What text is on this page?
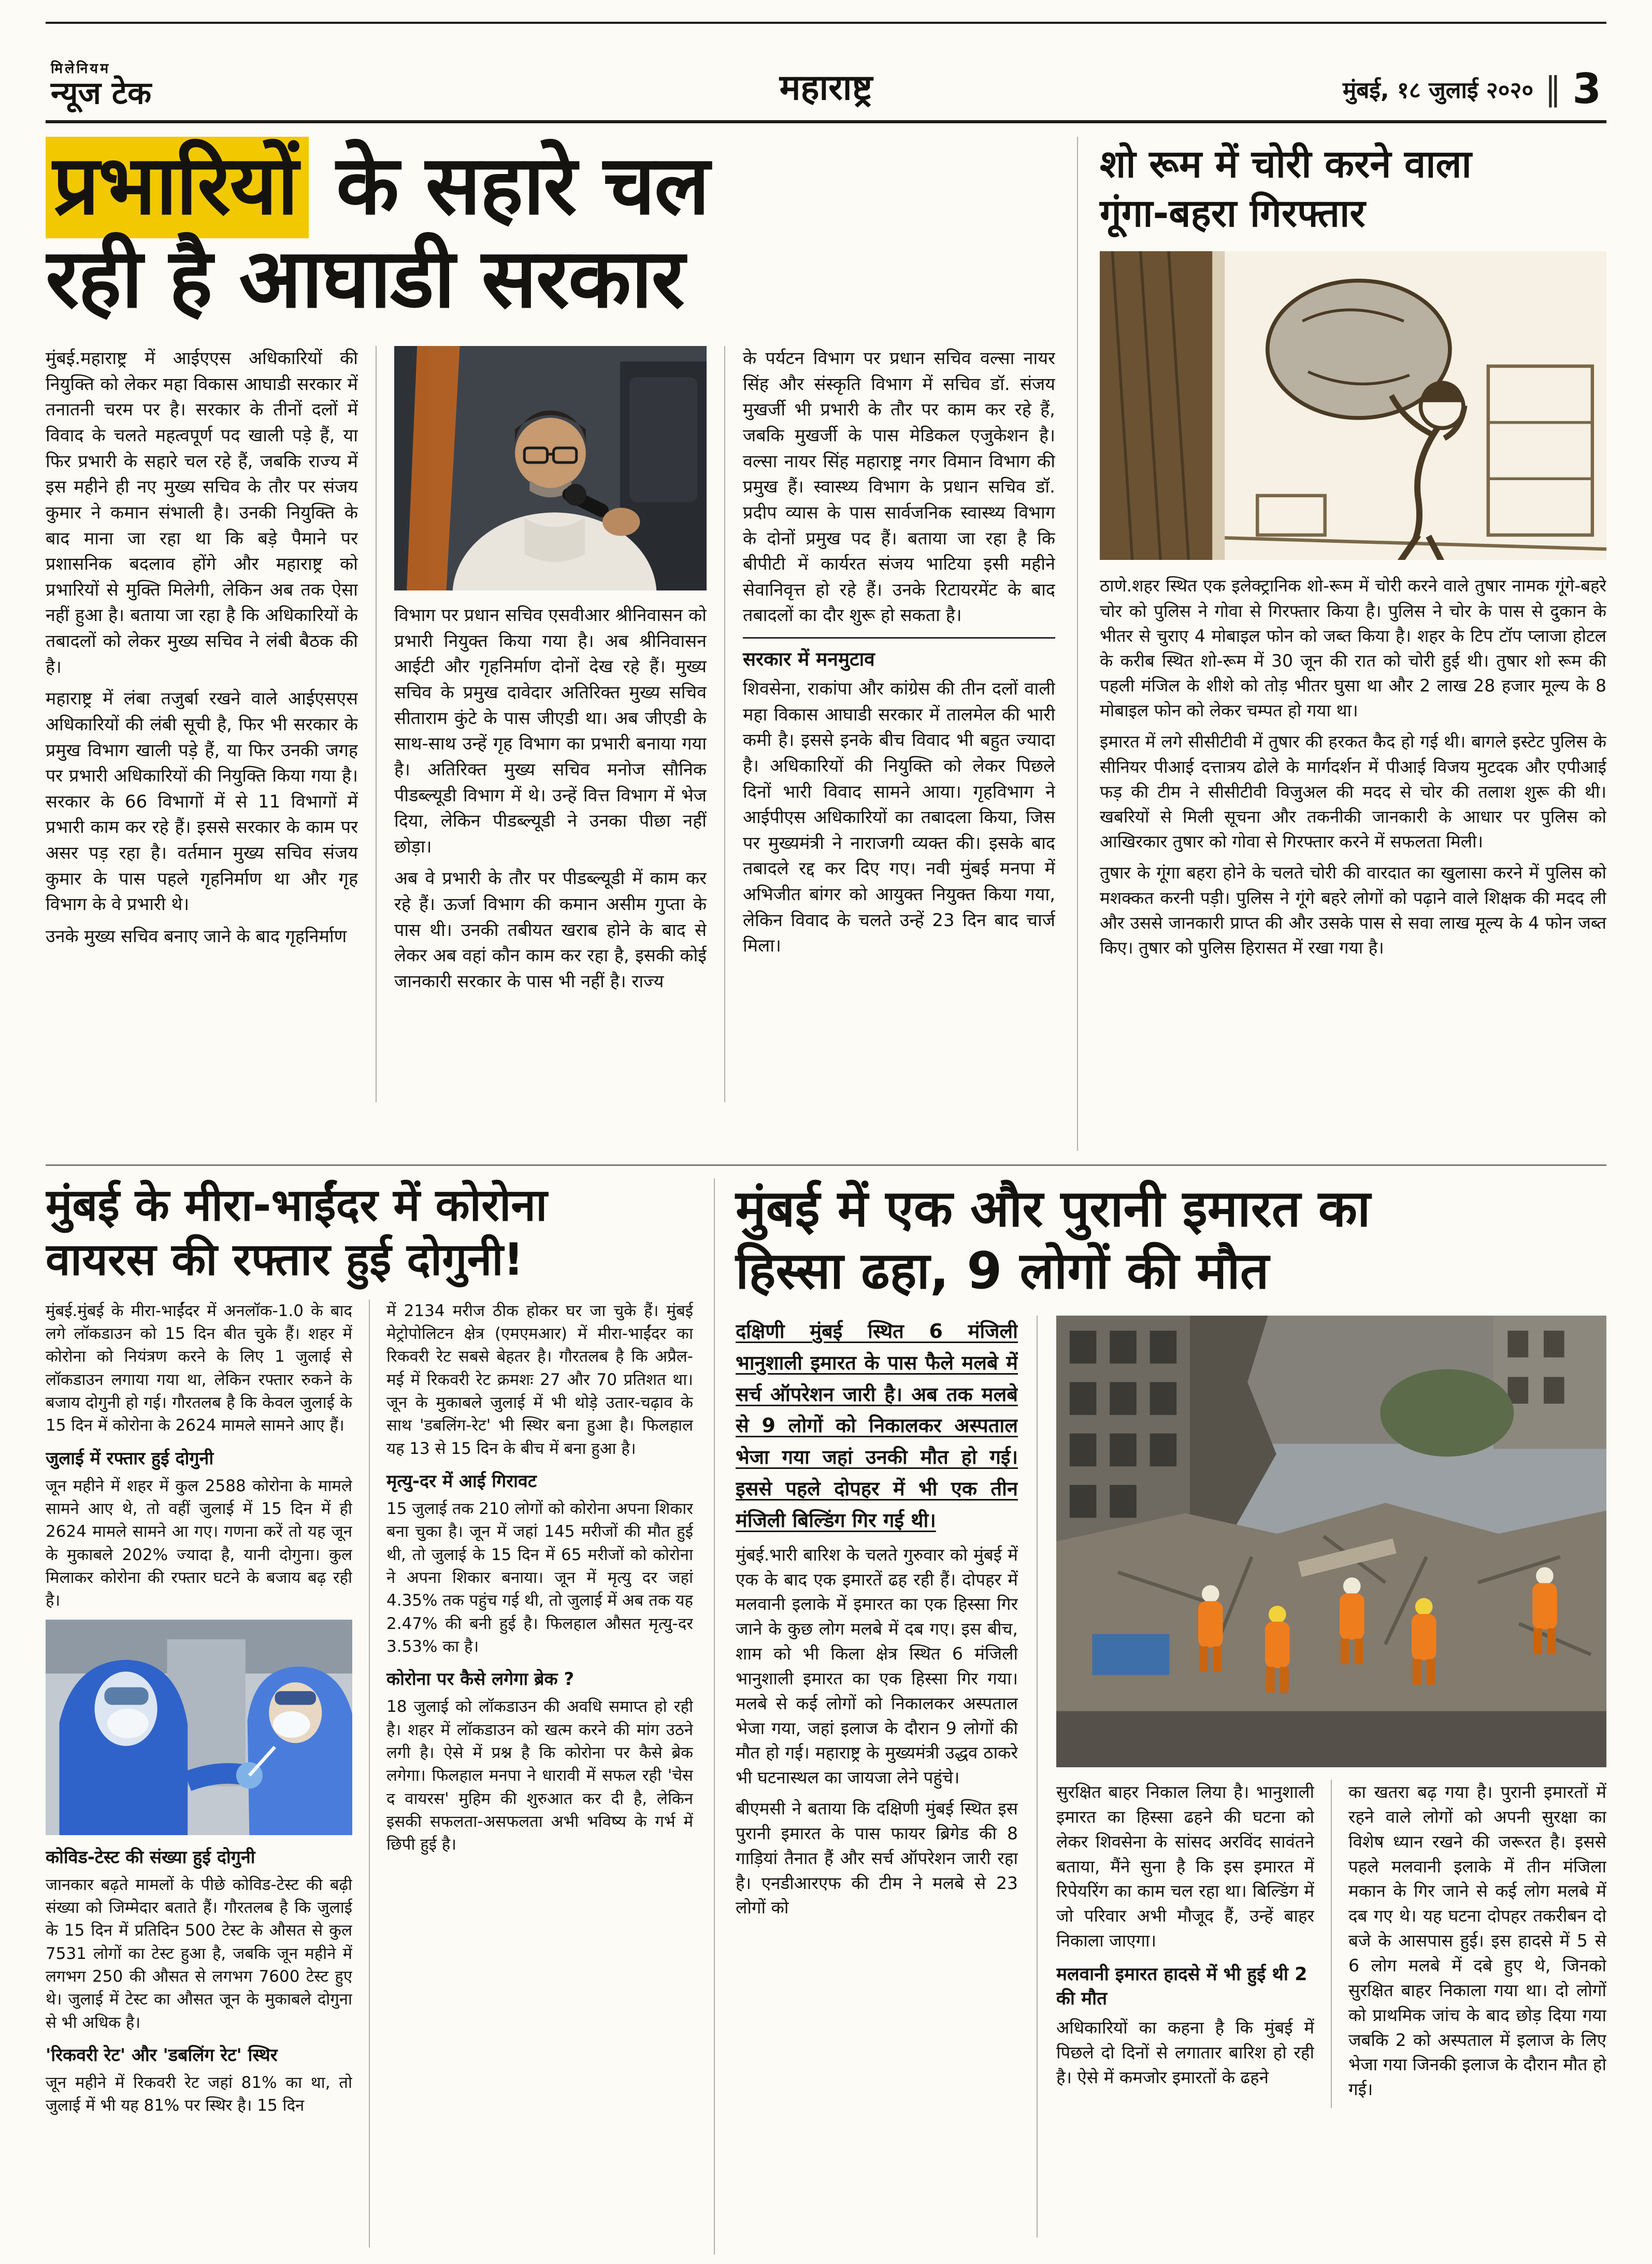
मिलेनियम
न्यूज टेक	महाराष्ट्र	मुंबई, १८ जुलाई २०२० ‖ 3
प्रभारियों के सहारे चल
रही है आघाडी सरकार

मुंबई.महाराष्ट्र में आईएएस अधिकारियों की नियुक्ति को लेकर महा विकास आघाडी सरकार में तनातनी चरम पर है। सरकार के तीनों दलों में विवाद के चलते महत्वपूर्ण पद खाली पड़े हैं, या फिर प्रभारी के सहारे चल रहे हैं, जबकि राज्य में इस महीने ही नए मुख्य सचिव के तौर पर संजय कुमार ने कमान संभाली है। उनकी नियुक्ति के बाद माना जा रहा था कि बड़े पैमाने पर प्रशासनिक बदलाव होंगे और महाराष्ट्र को प्रभारियों से मुक्ति मिलेगी, लेकिन अब तक ऐसा नहीं हुआ है। बताया जा रहा है कि अधिकारियों के तबादलों को लेकर मुख्य सचिव ने लंबी बैठक की है।

महाराष्ट्र में लंबा तजुर्बा रखने वाले आईएसएस अधिकारियों की लंबी सूची है, फिर भी सरकार के प्रमुख विभाग खाली पड़े हैं, या फिर उनकी जगह पर प्रभारी अधिकारियों की नियुक्ति किया गया है। सरकार के 66 विभागों में से 11 विभागों में प्रभारी काम कर रहे हैं। इससे सरकार के काम पर असर पड़ रहा है। वर्तमान मुख्य सचिव संजय कुमार के पास पहले गृहनिर्माण था और गृह विभाग के वे प्रभारी थे।

उनके मुख्य सचिव बनाए जाने के बाद गृहनिर्माण

विभाग पर प्रधान सचिव एसवीआर श्रीनिवासन को प्रभारी नियुक्त किया गया है। अब श्रीनिवासन आईटी और गृहनिर्माण दोनों देख रहे हैं। मुख्य सचिव के प्रमुख दावेदार अतिरिक्त मुख्य सचिव सीताराम कुंटे के पास जीएडी था। अब जीएडी के साथ-साथ उन्हें गृह विभाग का प्रभारी बनाया गया है। अतिरिक्त मुख्य सचिव मनोज सौनिक पीडब्ल्यूडी विभाग में थे। उन्हें वित्त विभाग में भेज दिया, लेकिन पीडब्ल्यूडी ने उनका पीछा नहीं छोड़ा।

अब वे प्रभारी के तौर पर पीडब्ल्यूडी में काम कर रहे हैं। ऊर्जा विभाग की कमान असीम गुप्ता के पास थी। उनकी तबीयत खराब होने के बाद से लेकर अब वहां कौन काम कर रहा है, इसकी कोई जानकारी सरकार के पास भी नहीं है। राज्य

के पर्यटन विभाग पर प्रधान सचिव वल्सा नायर सिंह और संस्कृति विभाग में सचिव डॉ. संजय मुखर्जी भी प्रभारी के तौर पर काम कर रहे हैं, जबकि मुखर्जी के पास मेडिकल एजुकेशन है। वल्सा नायर सिंह महाराष्ट्र नगर विमान विभाग की प्रमुख हैं। स्वास्थ्य विभाग के प्रधान सचिव डॉ. प्रदीप व्यास के पास सार्वजनिक स्वास्थ्य विभाग के दोनों प्रमुख पद हैं। बताया जा रहा है कि बीपीटी में कार्यरत संजय भाटिया इसी महीने सेवानिवृत्त हो रहे हैं। उनके रिटायरमेंट के बाद तबादलों का दौर शुरू हो सकता है।

सरकार में मनमुटाव

शिवसेना, राकांपा और कांग्रेस की तीन दलों वाली महा विकास आघाडी सरकार में तालमेल की भारी कमी है। इससे इनके बीच विवाद भी बहुत ज्यादा है। अधिकारियों की नियुक्ति को लेकर पिछले दिनों भारी विवाद सामने आया। गृहविभाग ने आईपीएस अधिकारियों का तबादला किया, जिस पर मुख्यमंत्री ने नाराजगी व्यक्त की। इसके बाद तबादले रद्द कर दिए गए। नवी मुंबई मनपा में अभिजीत बांगर को आयुक्त नियुक्त किया गया, लेकिन विवाद के चलते उन्हें 23 दिन बाद चार्ज मिला।

शो रूम में चोरी करने वाला
गूंगा-बहरा गिरफ्तार

ठाणे.शहर स्थित एक इलेक्ट्रानिक शो-रूम में चोरी करने वाले तुषार नामक गूंगे-बहरे चोर को पुलिस ने गोवा से गिरफ्तार किया है। पुलिस ने चोर के पास से दुकान के भीतर से चुराए 4 मोबाइल फोन को जब्त किया है। शहर के टिप टॉप प्लाजा होटल के करीब स्थित शो-रूम में 30 जून की रात को चोरी हुई थी। तुषार शो रूम की पहली मंजिल के शीशे को तोड़ भीतर घुसा था और 2 लाख 28 हजार मूल्य के 8 मोबाइल फोन को लेकर चम्पत हो गया था।

इमारत में लगे सीसीटीवी में तुषार की हरकत कैद हो गई थी। बागले इस्टेट पुलिस के सीनियर पीआई दत्तात्रय ढोले के मार्गदर्शन में पीआई विजय मुटदक और एपीआई फड़ की टीम ने सीसीटीवी विजुअल की मदद से चोर की तलाश शुरू की थी। खबरियों से मिली सूचना और तकनीकी जानकारी के आधार पर पुलिस को आखिरकार तुषार को गोवा से गिरफ्तार करने में सफलता मिली।

तुषार के गूंगा बहरा होने के चलते चोरी की वारदात का खुलासा करने में पुलिस को मशक्कत करनी पड़ी। पुलिस ने गूंगे बहरे लोगों को पढ़ाने वाले शिक्षक की मदद ली और उससे जानकारी प्राप्त की और उसके पास से सवा लाख मूल्य के 4 फोन जब्त किए। तुषार को पुलिस हिरासत में रखा गया है।

मुंबई के मीरा-भाईंदर में कोरोना
वायरस की रफ्तार हुई दोगुनी!

मुंबई.मुंबई के मीरा-भाईंदर में अनलॉक-1.0 के बाद लगे लॉकडाउन को 15 दिन बीत चुके हैं। शहर में कोरोना को नियंत्रण करने के लिए 1 जुलाई से लॉकडाउन लगाया गया था, लेकिन रफ्तार रुकने के बजाय दोगुनी हो गई। गौरतलब है कि केवल जुलाई के 15 दिन में कोरोना के 2624 मामले सामने आए हैं।

जुलाई में रफ्तार हुई दोगुनी

जून महीने में शहर में कुल 2588 कोरोना के मामले सामने आए थे, तो वहीं जुलाई में 15 दिन में ही 2624 मामले सामने आ गए। गणना करें तो यह जून के मुकाबले 202% ज्यादा है, यानी दोगुना। कुल मिलाकर कोरोना की रफ्तार घटने के बजाय बढ़ रही है।

कोविड-टेस्ट की संख्या हुई दोगुनी

जानकार बढ़ते मामलों के पीछे कोविड-टेस्ट की बढ़ी संख्या को जिम्मेदार बताते हैं। गौरतलब है कि जुलाई के 15 दिन में प्रतिदिन 500 टेस्ट के औसत से कुल 7531 लोगों का टेस्ट हुआ है, जबकि जून महीने में लगभग 250 की औसत से लगभग 7600 टेस्ट हुए थे। जुलाई में टेस्ट का औसत जून के मुकाबले दोगुना से भी अधिक है।

'रिकवरी रेट' और 'डबलिंग रेट' स्थिर

जून महीने में रिकवरी रेट जहां 81% का था, तो जुलाई में भी यह 81% पर स्थिर है। 15 दिन

में 2134 मरीज ठीक होकर घर जा चुके हैं। मुंबई मेट्रोपोलिटन क्षेत्र (एमएमआर) में मीरा-भाईंदर का रिकवरी रेट सबसे बेहतर है। गौरतलब है कि अप्रैल-मई में रिकवरी रेट क्रमशः 27 और 70 प्रतिशत था। जून के मुकाबले जुलाई में भी थोड़े उतार-चढ़ाव के साथ 'डबलिंग-रेट' भी स्थिर बना हुआ है। फिलहाल यह 13 से 15 दिन के बीच में बना हुआ है।

मृत्यु-दर में आई गिरावट

15 जुलाई तक 210 लोगों को कोरोना अपना शिकार बना चुका है। जून में जहां 145 मरीजों की मौत हुई थी, तो जुलाई के 15 दिन में 65 मरीजों को कोरोना ने अपना शिकार बनाया। जून में मृत्यु दर जहां 4.35% तक पहुंच गई थी, तो जुलाई में अब तक यह 2.47% की बनी हुई है। फिलहाल औसत मृत्यु-दर 3.53% का है।

कोरोना पर कैसे लगेगा ब्रेक ?

18 जुलाई को लॉकडाउन की अवधि समाप्त हो रही है। शहर में लॉकडाउन को खत्म करने की मांग उठने लगी है। ऐसे में प्रश्न है कि कोरोना पर कैसे ब्रेक लगेगा। फिलहाल मनपा ने धारावी में सफल रही 'चेस द वायरस' मुहिम की शुरुआत कर दी है, लेकिन इसकी सफलता-असफलता अभी भविष्य के गर्भ में छिपी हुई है।

मुंबई में एक और पुरानी इमारत का
हिस्सा ढहा, 9 लोगों की मौत

दक्षिणी मुंबई स्थित 6 मंजिली भानुशाली इमारत के पास फैले मलबे में सर्च ऑपरेशन जारी है। अब तक मलबे से 9 लोगों को निकालकर अस्पताल भेजा गया जहां उनकी मौत हो गई। इससे पहले दोपहर में भी एक तीन मंजिली बिल्डिंग गिर गई थी।

मुंबई.भारी बारिश के चलते गुरुवार को मुंबई में एक के बाद एक इमारतें ढह रही हैं। दोपहर में मलवानी इलाके में इमारत का एक हिस्सा गिर जाने के कुछ लोग मलबे में दब गए। इस बीच, शाम को भी किला क्षेत्र स्थित 6 मंजिली भानुशाली इमारत का एक हिस्सा गिर गया। मलबे से कई लोगों को निकालकर अस्पताल भेजा गया, जहां इलाज के दौरान 9 लोगों की मौत हो गई। महाराष्ट्र के मुख्यमंत्री उद्धव ठाकरे भी घटनास्थल का जायजा लेने पहुंचे।

बीएमसी ने बताया कि दक्षिणी मुंबई स्थित इस पुरानी इमारत के पास फायर ब्रिगेड की 8 गाड़ियां तैनात हैं और सर्च ऑपरेशन जारी रहा है। एनडीआरएफ की टीम ने मलबे से 23 लोगों को

सुरक्षित बाहर निकाल लिया है। भानुशाली इमारत का हिस्सा ढहने की घटना को लेकर शिवसेना के सांसद अरविंद सावंतने बताया, मैंने सुना है कि इस इमारत में रिपेयरिंग का काम चल रहा था। बिल्डिंग में जो परिवार अभी मौजूद हैं, उन्हें बाहर निकाला जाएगा।

मलवानी इमारत हादसे में भी हुई थी 2 की मौत

अधिकारियों का कहना है कि मुंबई में पिछले दो दिनों से लगातार बारिश हो रही है। ऐसे में कमजोर इमारतों के ढहने

का खतरा बढ़ गया है। पुरानी इमारतों में रहने वाले लोगों को अपनी सुरक्षा का विशेष ध्यान रखने की जरूरत है। इससे पहले मलवानी इलाके में तीन मंजिला मकान के गिर जाने से कई लोग मलबे में दब गए थे। यह घटना दोपहर तकरीबन दो बजे के आसपास हुई। इस हादसे में 5 से 6 लोग मलबे में दबे हुए थे, जिनको सुरक्षित बाहर निकाला गया था। दो लोगों को प्राथमिक जांच के बाद छोड़ दिया गया जबकि 2 को अस्पताल में इलाज के लिए भेजा गया जिनकी इलाज के दौरान मौत हो गई।
